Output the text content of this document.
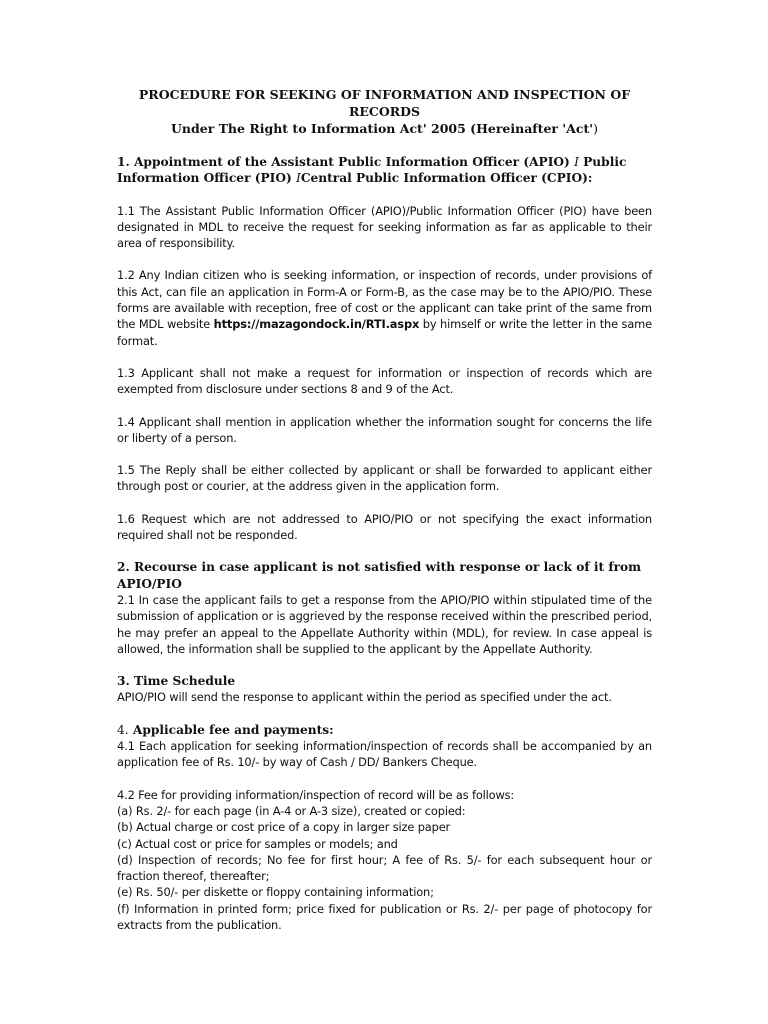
PROCEDURE FOR SEEKING OF INFORMATION AND INSPECTION OF RECORDS
Under The Right to Information Act' 2005 (Hereinafter 'Act')
1. Appointment of the Assistant Public Information Officer (APIO) I Public Information Officer (PIO) ICentral Public Information Officer (CPIO):

1.1 The Assistant Public Information Officer (APIO)/Public Information Officer (PIO) have been designated in MDL to receive the request for seeking information as far as applicable to their area of responsibility.

1.2 Any Indian citizen who is seeking information, or inspection of records, under provisions of this Act, can file an application in Form-A or Form-B, as the case may be to the APIO/PIO. These forms are available with reception, free of cost or the applicant can take print of the same from the MDL website https://mazagondock.in/RTI.aspx by himself or write the letter in the same format.

1.3 Applicant shall not make a request for information or inspection of records which are exempted from disclosure under sections 8 and 9 of the Act.

1.4 Applicant shall mention in application whether the information sought for concerns the life or liberty of a person.

1.5 The Reply shall be either collected by applicant or shall be forwarded to applicant either through post or courier, at the address given in the application form.

1.6 Request which are not addressed to APIO/PIO or not specifying the exact information required shall not be responded.

2. Recourse in case applicant is not satisfied with response or lack of it from APIO/PIO

2.1 In case the applicant fails to get a response from the APIO/PIO within stipulated time of the submission of application or is aggrieved by the response received within the prescribed period, he may prefer an appeal to the Appellate Authority within (MDL), for review. In case appeal is allowed, the information shall be supplied to the applicant by the Appellate Authority.

3. Time Schedule

APIO/PIO will send the response to applicant within the period as specified under the act.

4. Applicable fee and payments:

4.1 Each application for seeking information/inspection of records shall be accompanied by an application fee of Rs. 10/- by way of Cash / DD/ Bankers Cheque.

4.2 Fee for providing information/inspection of record will be as follows:

(a) Rs. 2/- for each page (in A-4 or A-3 size), created or copied:

(b) Actual charge or cost price of a copy in larger size paper

(c) Actual cost or price for samples or models; and

(d) Inspection of records; No fee for first hour; A fee of Rs. 5/- for each subsequent hour or fraction thereof, thereafter;

(e) Rs. 50/- per diskette or floppy containing information;

(f) Information in printed form; price fixed for publication or Rs. 2/- per page of photocopy for extracts from the publication.
